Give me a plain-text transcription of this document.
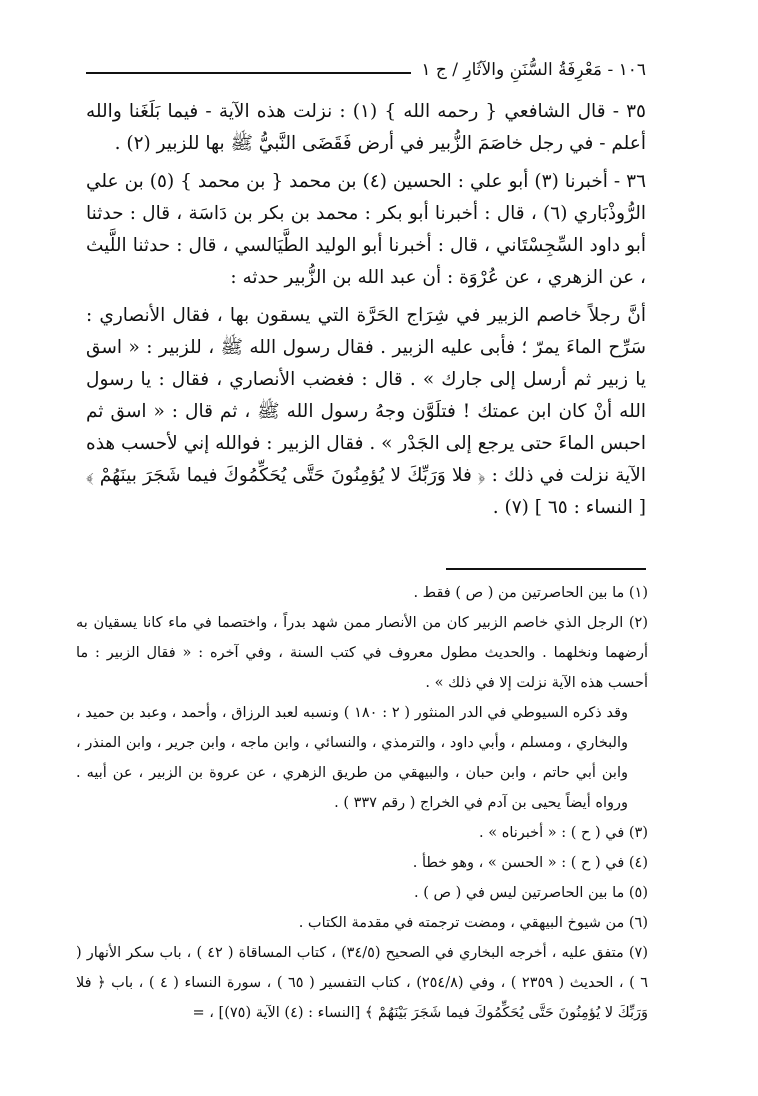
١٠٦ - مَعْرِفَةُ السُّنَنِ والآثَارِ / ج ١

٣٥ - قال الشافعي { رحمه الله } (١) : نزلت هذه الآية - فيما بَلَغَنا والله أعلم - في رجل خاصَمَ الزُّبير في أرض فَقَضَى النَّبيُّ ﷺ بها للزبير (٢) .

٣٦ - أخبرنا (٣) أبو علي : الحسين (٤) بن محمد { بن محمد } (٥) بن علي الرُّوذْبَاري (٦) ، قال : أخبرنا أبو بكر : محمد بن بكر بن دَاسَة ، قال : حدثنا أبو داود السِّجِسْتَاني ، قال : أخبرنا أبو الوليد الطَّيَالسي ، قال : حدثنا اللَّيث ، عن الزهري ، عن عُرْوَة : أن عبد الله بن الزُّبير حدثه :

أنَّ رجلاً خاصم الزبير في شِرَاج الحَرَّة التي يسقون بها ، فقال الأنصاري : سَرِّح الماءَ يمرّ ؛ فأبى عليه الزبير . فقال رسول الله ﷺ ، للزبير : « اسق يا زبير ثم أرسل إلى جارك » . قال : فغضب الأنصاري ، فقال : يا رسول الله أنْ كان ابن عمتك ! فتلَوَّن وجهُ رسول الله ﷺ ، ثم قال : « اسق ثم احبس الماءَ حتى يرجع إلى الجَدْر » . فقال الزبير : فوالله إني لأحسب هذه الآية نزلت في ذلك : ﴿ فلا وَرَبِّكَ لا يُؤمِنُونَ حَتَّى يُحَكِّمُوكَ فيما شَجَرَ بينَهُمْ ﴾ [ النساء : ٦٥ ] (٧) .

(١) ما بين الحاصرتين من ( ص ) فقط .

(٢) الرجل الذي خاصم الزبير كان من الأنصار ممن شهد بدراً ، واختصما في ماء كانا يسقيان به أرضهما ونخلهما . والحديث مطول معروف في كتب السنة ، وفي آخره : « فقال الزبير : ما أحسب هذه الآية نزلت إلا في ذلك » .

وقد ذكره السيوطي في الدر المنثور ( ٢ : ١٨٠ ) ونسبه لعبد الرزاق ، وأحمد ، وعبد بن حميد ، والبخاري ، ومسلم ، وأبي داود ، والترمذي ، والنسائي ، وابن ماجه ، وابن جرير ، وابن المنذر ، وابن أبي حاتم ، وابن حبان ، والبيهقي من طريق الزهري ، عن عروة بن الزبير ، عن أبيه . ورواه أيضاً يحيى بن آدم في الخراج ( رقم ٣٣٧ ) .

(٣) في ( ح ) : « أخبرناه » .

(٤) في ( ح ) : « الحسن » ، وهو خطأ .

(٥) ما بين الحاصرتين ليس في ( ص ) .

(٦) من شيوخ البيهقي ، ومضت ترجمته في مقدمة الكتاب .

(٧) متفق عليه ، أخرجه البخاري في الصحيح (٣٤/٥) ، كتاب المساقاة ( ٤٢ ) ، باب سكر الأنهار ( ٦ ) ، الحديث ( ٢٣٥٩ ) ، وفي (٢٥٤/٨) ، كتاب التفسير ( ٦٥ ) ، سورة النساء ( ٤ ) ، باب ﴿ فلا وَرَبِّكَ لا يُؤمِنُونَ حَتَّى يُحَكِّمُوكَ فيما شَجَرَ بَيْنَهُمْ ﴾ [النساء : (٤) الآية (٧٥)] ، =
